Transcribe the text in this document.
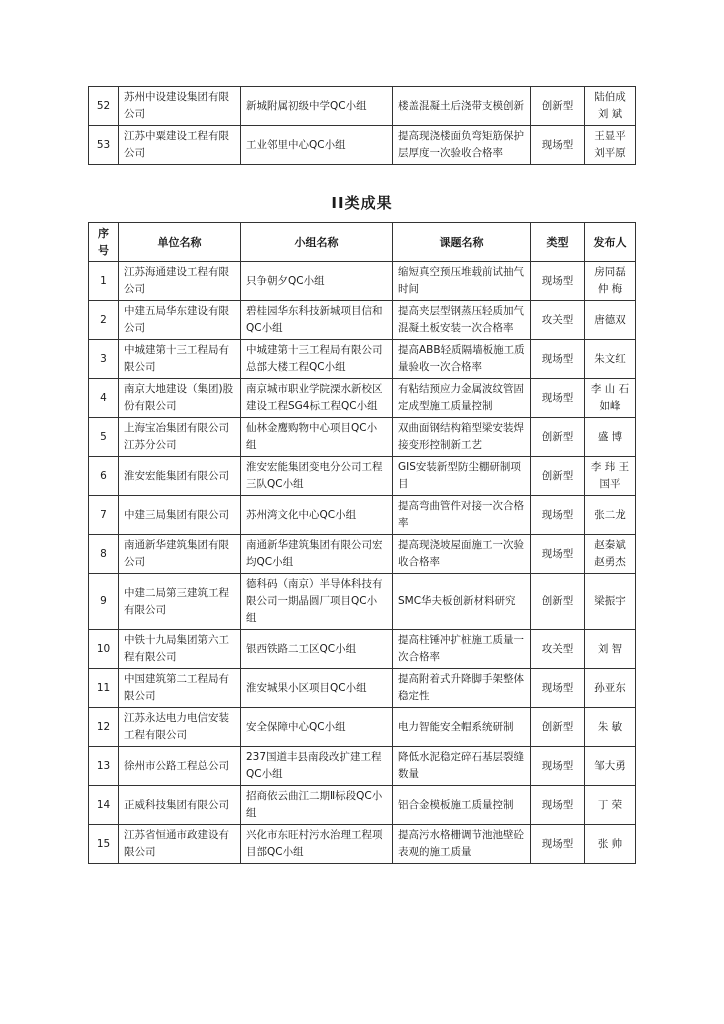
52	苏州中设建设集团有限公司	新城附属初级中学QC小组	楼盖混凝土后浇带支模创新	创新型	陆伯成 刘 斌
53	江苏中粟建设工程有限公司	工业邻里中心QC小组	提高现浇楼面负弯矩筋保护层厚度一次验收合格率	现场型	王显平 刘平原
II类成果
序号	单位名称	小组名称	课题名称	类型	发布人
1	江苏海通建设工程有限公司	只争朝夕QC小组	缩短真空预压堆载前试抽气时间	现场型	房同磊 仲 梅
2	中建五局华东建设有限公司	碧桂园华东科技新城项目信和QC小组	提高夹层型钢蒸压轻质加气混凝土板安装一次合格率	攻关型	唐德双
3	中城建第十三工程局有限公司	中城建第十三工程局有限公司总部大楼工程QC小组	提高ABB轻质隔墙板施工质量验收一次合格率	现场型	朱文红
4	南京大地建设（集团)股份有限公司	南京城市职业学院溧水新校区建设工程SG4标工程QC小组	有粘结预应力金属波纹管固定成型施工质量控制	现场型	李 山 石如峰
5	上海宝冶集团有限公司江苏分公司	仙林金鹰购物中心项目QC小组	双曲面钢结构箱型梁安装焊接变形控制新工艺	创新型	盛 博
6	淮安宏能集团有限公司	淮安宏能集团变电分公司工程三队QC小组	GIS安装新型防尘棚研制项目	创新型	李 玮 王国平
7	中建三局集团有限公司	苏州湾文化中心QC小组	提高弯曲管件对接一次合格率	现场型	张二龙
8	南通新华建筑集团有限公司	南通新华建筑集团有限公司宏均QC小组	提高现浇坡屋面施工一次验收合格率	现场型	赵秦斌 赵勇杰
9	中建二局第三建筑工程有限公司	德科码（南京）半导体科技有限公司一期晶圆厂项目QC小组	SMC华夫板创新材料研究	创新型	梁振宇
10	中铁十九局集团第六工程有限公司	银西铁路二工区QC小组	提高柱锤冲扩桩施工质量一次合格率	攻关型	刘 智
11	中国建筑第二工程局有限公司	淮安城果小区项目QC小组	提高附着式升降脚手架整体稳定性	现场型	孙亚东
12	江苏永达电力电信安装工程有限公司	安全保障中心QC小组	电力智能安全帽系统研制	创新型	朱 敏
13	徐州市公路工程总公司	237国道丰县南段改扩建工程QC小组	降低水泥稳定碎石基层裂缝数量	现场型	邹大勇
14	正威科技集团有限公司	招商依云曲江二期Ⅱ标段QC小组	铝合金模板施工质量控制	现场型	丁 荣
15	江苏省恒通市政建设有限公司	兴化市东旺村污水治理工程项目部QC小组	提高污水格栅调节池池壁砼表观的施工质量	现场型	张 帅
